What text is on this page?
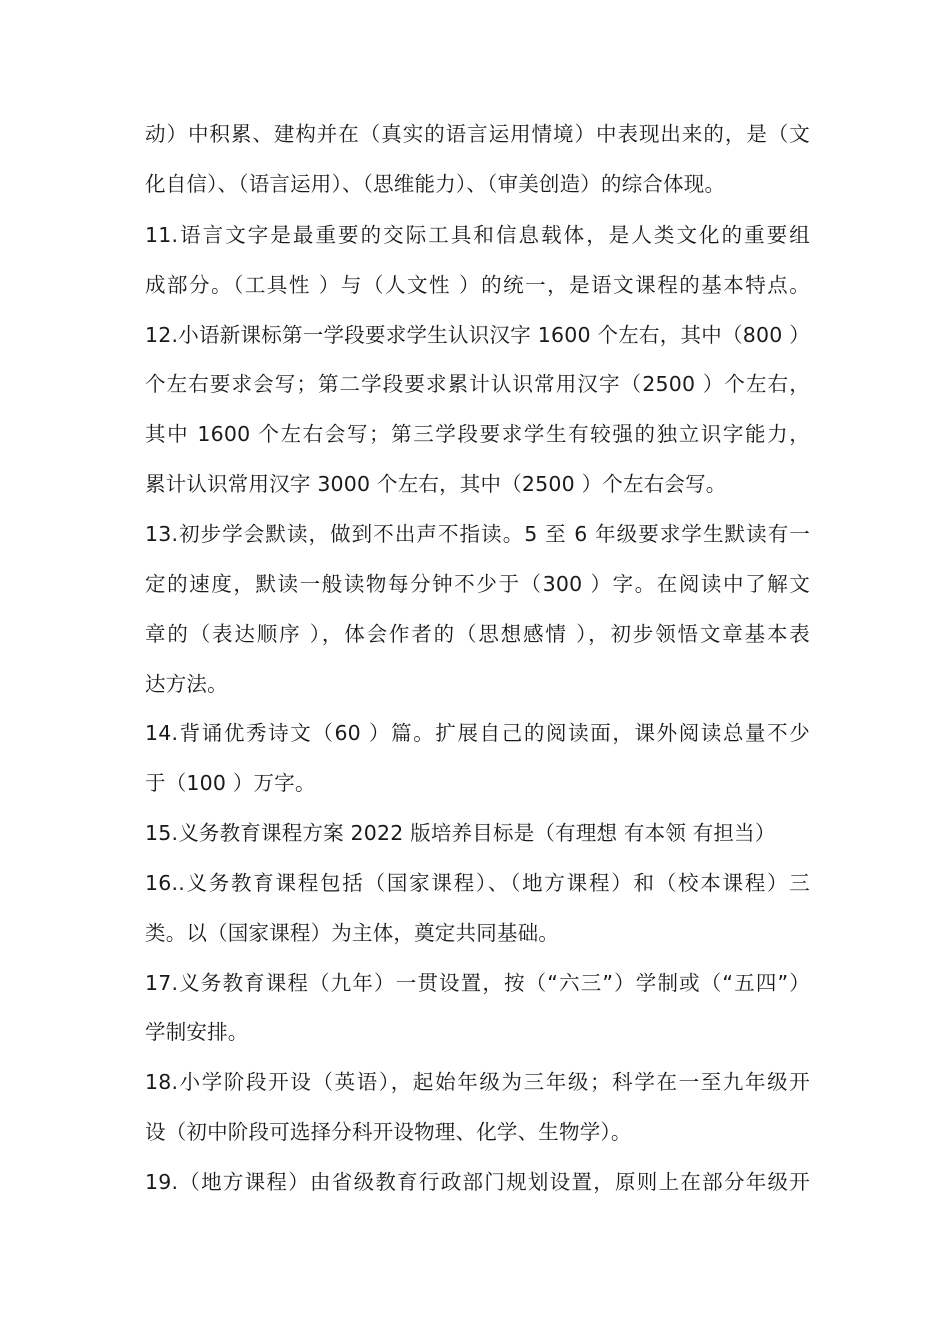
动）中积累、建构并在（真实的语言运用情境）中表现出来的，是（文
化自信）、（语言运用）、（思维能力）、（审美创造）的综合体现。
11.语言文字是最重要的交际工具和信息载体，是人类文化的重要组
成部分。（工具性 ）与（人文性 ）的统一，是语文课程的基本特点。
12.小语新课标第一学段要求学生认识汉字 1600 个左右，其中（800 ）
个左右要求会写；第二学段要求累计认识常用汉字（2500 ）个左右，
其中 1600 个左右会写；第三学段要求学生有较强的独立识字能力，
累计认识常用汉字 3000 个左右，其中（2500 ）个左右会写。
13.初步学会默读，做到不出声不指读。5 至 6 年级要求学生默读有一
定的速度，默读一般读物每分钟不少于（300 ）字。在阅读中了解文
章的（表达顺序 ），体会作者的（思想感情 ），初步领悟文章基本表
达方法。
14.背诵优秀诗文（60 ）篇。扩展自己的阅读面，课外阅读总量不少
于（100 ）万字。
15.义务教育课程方案 2022 版培养目标是（有理想 有本领 有担当）
16..义务教育课程包括（国家课程）、（地方课程）和（校本课程）三
类。以（国家课程）为主体，奠定共同基础。
17.义务教育课程（九年）一贯设置，按（“六三”）学制或（“五四”）
学制安排。
18.小学阶段开设（英语），起始年级为三年级；科学在一至九年级开
设（初中阶段可选择分科开设物理、化学、生物学）。
19.（地方课程）由省级教育行政部门规划设置，原则上在部分年级开
